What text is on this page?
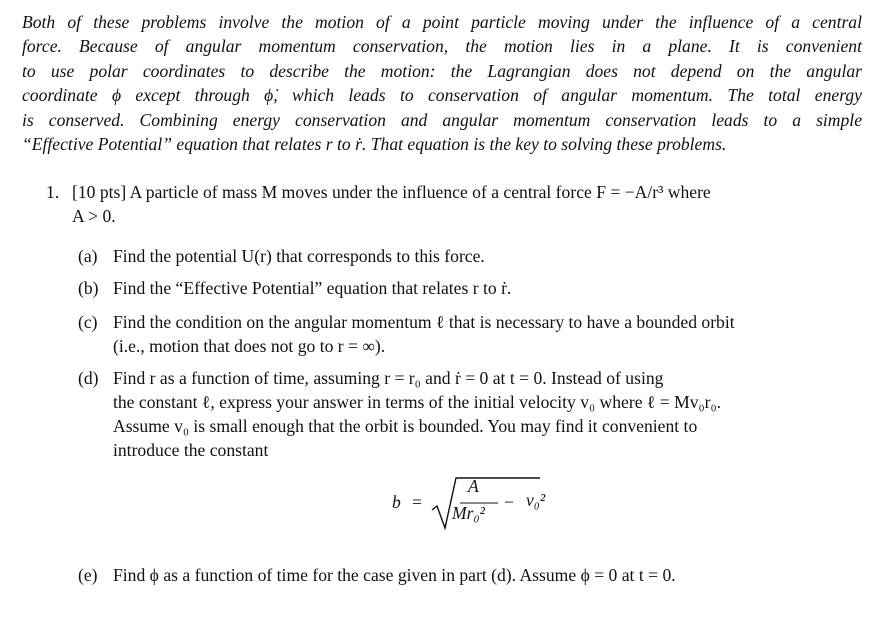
Both of these problems involve the motion of a point particle moving under the influence of a central
force. Because of angular momentum conservation, the motion lies in a plane. It is convenient
to use polar coordinates to describe the motion: the Lagrangian does not depend on the angular
coordinate ϕ except through ϕ̇, which leads to conservation of angular momentum. The total energy
is conserved. Combining energy conservation and angular momentum conservation leads to a simple
“Effective Potential” equation that relates r to ṙ. That equation is the key to solving these problems.
1. [10 pts] A particle of mass M moves under the influence of a central force F = −A/r³ where
A > 0.
(a) Find the potential U(r) that corresponds to this force.
(b) Find the “Effective Potential” equation that relates r to ṙ.
(c) Find the condition on the angular momentum ℓ that is necessary to have a bounded orbit
(i.e., motion that does not go to r = ∞).
(d) Find r as a function of time, assuming r = r₀ and ṙ = 0 at t = 0. Instead of using
the constant ℓ, express your answer in terms of the initial velocity v₀ where ℓ = Mv₀r₀.
Assume v₀ is small enough that the orbit is bounded. You may find it convenient to
introduce the constant
(e) Find ϕ as a function of time for the case given in part (d). Assume ϕ = 0 at t = 0.
b =
A
Mr₀²
− v₀²
